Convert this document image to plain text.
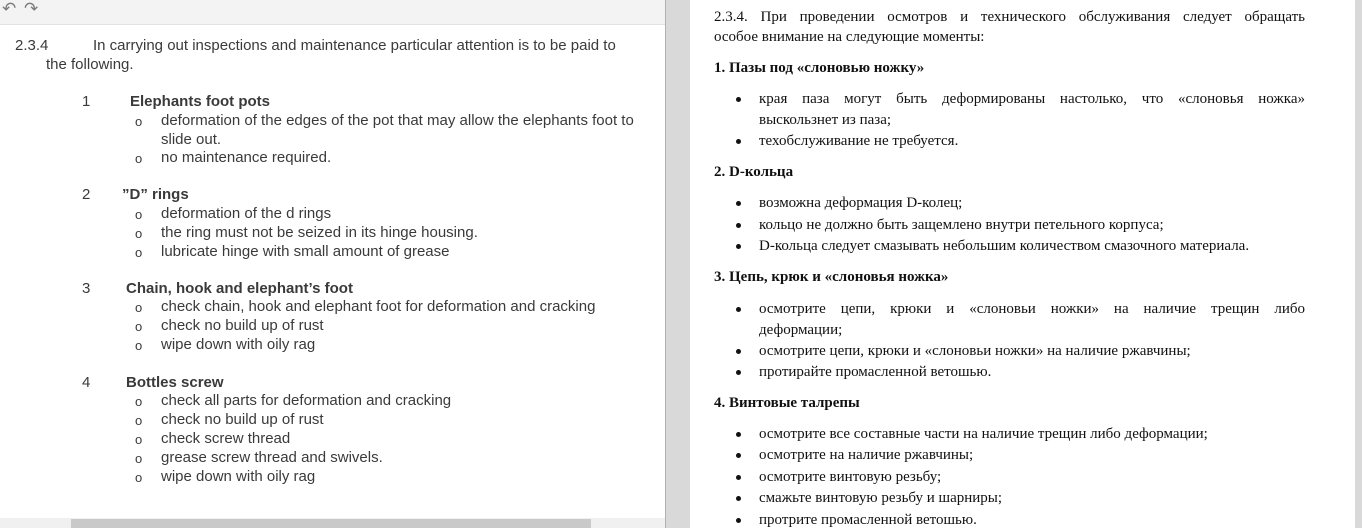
↶ ↷
2.3.4	In carrying out inspections and maintenance particular attention is to be paid to
the following.
1	Elephants foot pots
o deformation of the edges of the pot that may allow the elephants foot to
slide out.
o no maintenance required.
2 ”D” rings
o deformation of the d rings
o the ring must not be seized in its hinge housing.
o lubricate hinge with small amount of grease
3 Chain, hook and elephant’s foot
o check chain, hook and elephant foot for deformation and cracking
o check no build up of rust
o wipe down with oily rag
4 Bottles screw
o check all parts for deformation and cracking
o check no build up of rust
o check screw thread
o grease screw thread and swivels.
o wipe down with oily rag
2.3.4. При проведении осмотров и технического обслуживания следует обращать
особое внимание на следующие моменты:
1. Пазы под «слоновью ножку»
края паза могут быть деформированы настолько, что «слоновья ножка»
выскользнет из паза;
техобслуживание не требуется.
2. D-кольца
возможна деформация D-колец;
кольцо не должно быть защемлено внутри петельного корпуса;
D-кольца следует смазывать небольшим количеством смазочного материала.
3. Цепь, крюк и «слоновья ножка»
осмотрите цепи, крюки и «слоновьи ножки» на наличие трещин либо
деформации;
осмотрите цепи, крюки и «слоновьи ножки» на наличие ржавчины;
протирайте промасленной ветошью.
4. Винтовые талрепы
осмотрите все составные части на наличие трещин либо деформации;
осмотрите на наличие ржавчины;
осмотрите винтовую резьбу;
смажьте винтовую резьбу и шарниры;
протрите промасленной ветошью.
